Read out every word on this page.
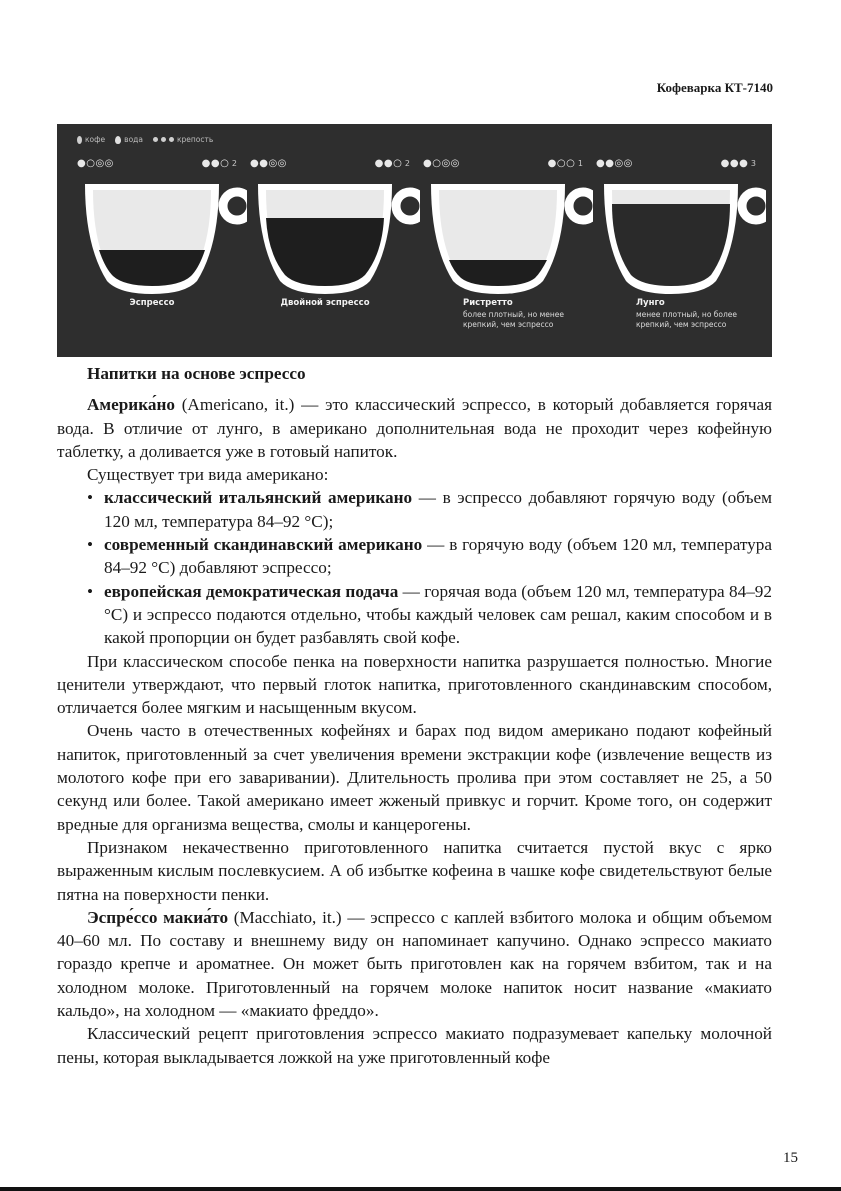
Кофеварка КТ-7140
кофе	вода	крепость
●○◎◎	●●○ 2
Эспрессо
●●◎◎	●●○ 2
Двойной эспрессо
●○◎◎	●○○ 1
Ристретто
более плотный, но менее крепкий, чем эспрессо
●●◎◎	●●● 3
Лунго
менее плотный, но более крепкий, чем эспрессо

Напитки на основе эспрессо

Америка́но (Americano, it.) — это классический эспрессо, в который добавляется горячая вода. В отличие от лунго, в американо дополнительная вода не проходит через кофейную таблетку, а доливается уже в готовый напиток.

Существует три вида американо:

• классический итальянский американо — в эспрессо добавляют горячую воду (объем 120 мл, температура 84–92 °С);
• современный скандинавский американо — в горячую воду (объем 120 мл, температура 84–92 °С) добавляют эспрессо;
• европейская демократическая подача — горячая вода (объем 120 мл, температура 84–92 °С) и эспрессо подаются отдельно, чтобы каждый человек сам решал, каким способом и в какой пропорции он будет разбавлять свой кофе.

При классическом способе пенка на поверхности напитка разрушается полностью. Многие ценители утверждают, что первый глоток напитка, приготовленного скандинавским способом, отличается более мягким и насыщенным вкусом.

Очень часто в отечественных кофейнях и барах под видом американо подают кофейный напиток, приготовленный за счет увеличения времени экстракции кофе (извлечение веществ из молотого кофе при его заваривании). Длительность пролива при этом составляет не 25, а 50 секунд или более. Такой американо имеет жженый привкус и горчит. Кроме того, он содержит вредные для организма вещества, смолы и канцерогены.

Признаком некачественно приготовленного напитка считается пустой вкус с ярко выраженным кислым послевкусием. А об избытке кофеина в чашке кофе свидетельствуют белые пятна на поверхности пенки.

Эспре́ссо макиа́то (Macchiato, it.) — эспрессо с каплей взбитого молока и общим объемом 40–60 мл. По составу и внешнему виду он напоминает капучино. Однако эспрессо макиато гораздо крепче и ароматнее. Он может быть приготовлен как на горячем взбитом, так и на холодном молоке. Приготовленный на горячем молоке напиток носит название «макиато кальдо», на холодном — «макиато фреддо».

Классический рецепт приготовления эспрессо макиато подразумевает капельку молочной пены, которая выкладывается ложкой на уже приготовленный кофе

15
